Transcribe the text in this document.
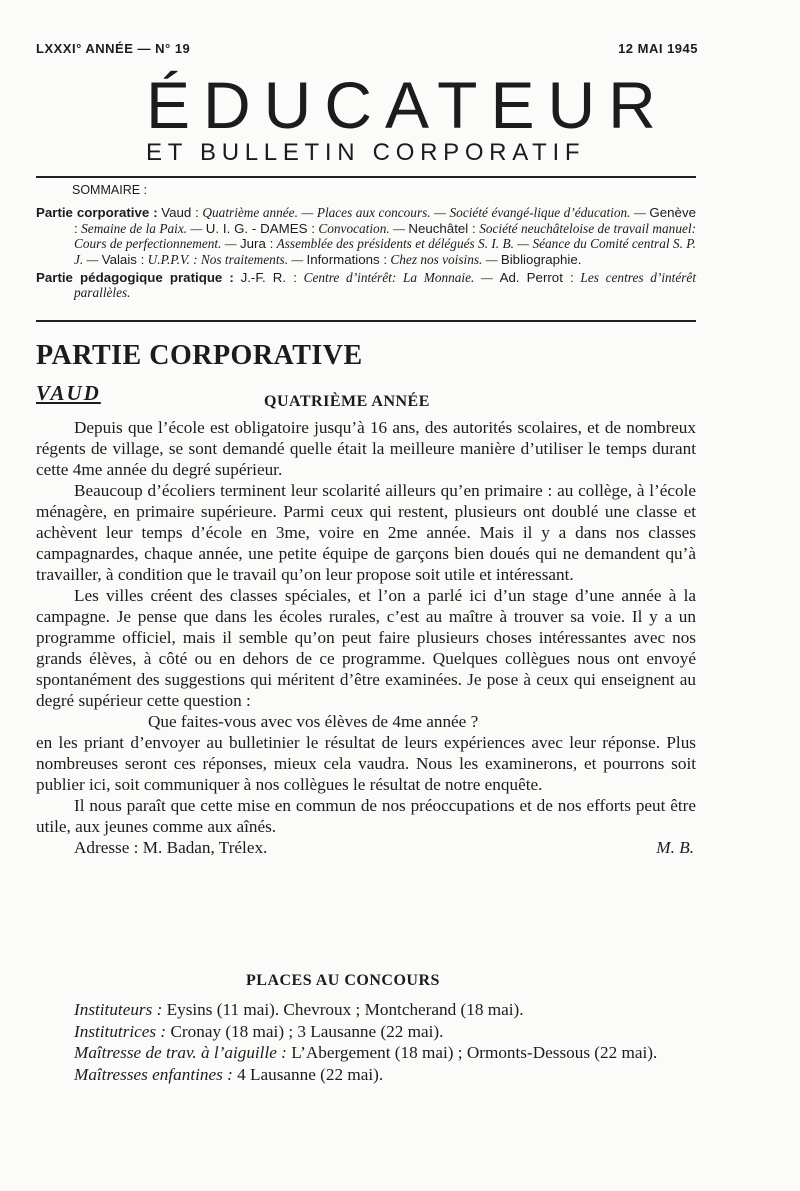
LXXXI° ANNÉE — N° 19	12 MAI 1945
ÉDUCATEUR
ET BULLETIN CORPORATIF
SOMMAIRE :

Partie corporative : Vaud : Quatrième année. — Places aux concours. — Société évangé-lique d’éducation. — Genève : Semaine de la Paix. — U. I. G. - DAMES : Convocation. — Neuchâtel : Société neuchâteloise de travail manuel: Cours de perfectionnement. — Jura : Assemblée des présidents et délégués S. I. B. — Séance du Comité central S. P. J. — Valais : U.P.P.V. : Nos traitements. — Informations : Chez nos voisins. — Bibliographie.

Partie pédagogique pratique : J.-F. R. : Centre d’intérêt: La Monnaie. — Ad. Perrot : Les centres d’intérêt parallèles.

PARTIE CORPORATIVE
VAUD	QUATRIÈME ANNÉE

Depuis que l’école est obligatoire jusqu’à 16 ans, des autorités scolaires, et de nombreux régents de village, se sont demandé quelle était la meilleure manière d’utiliser le temps durant cette 4me année du degré supérieur.

Beaucoup d’écoliers terminent leur scolarité ailleurs qu’en primaire : au collège, à l’école ménagère, en primaire supérieure. Parmi ceux qui restent, plusieurs ont doublé une classe et achèvent leur temps d’école en 3me, voire en 2me année. Mais il y a dans nos classes campagnardes, chaque année, une petite équipe de garçons bien doués qui ne demandent qu’à travailler, à condition que le travail qu’on leur propose soit utile et intéressant.

Les villes créent des classes spéciales, et l’on a parlé ici d’un stage d’une année à la campagne. Je pense que dans les écoles rurales, c’est au maître à trouver sa voie. Il y a un programme officiel, mais il semble qu’on peut faire plusieurs choses intéressantes avec nos grands élèves, à côté ou en dehors de ce programme. Quelques collègues nous ont envoyé spontanément des suggestions qui méritent d’être examinées. Je pose à ceux qui enseignent au degré supérieur cette question :

Que faites-vous avec vos élèves de 4me année ?

en les priant d’envoyer au bulletinier le résultat de leurs expériences avec leur réponse. Plus nombreuses seront ces réponses, mieux cela vaudra. Nous les examinerons, et pourrons soit publier ici, soit communiquer à nos collègues le résultat de notre enquête.

Il nous paraît que cette mise en commun de nos préoccupations et de nos efforts peut être utile, aux jeunes comme aux aînés.

Adresse : M. Badan, Trélex.	M. B.
PLACES AU CONCOURS

Instituteurs : Eysins (11 mai). Chevroux ; Montcherand (18 mai).

Institutrices : Cronay (18 mai) ; 3 Lausanne (22 mai).

Maîtresse de trav. à l’aiguille : L’Abergement (18 mai) ; Ormonts-Dessous (22 mai).

Maîtresses enfantines : 4 Lausanne (22 mai).
